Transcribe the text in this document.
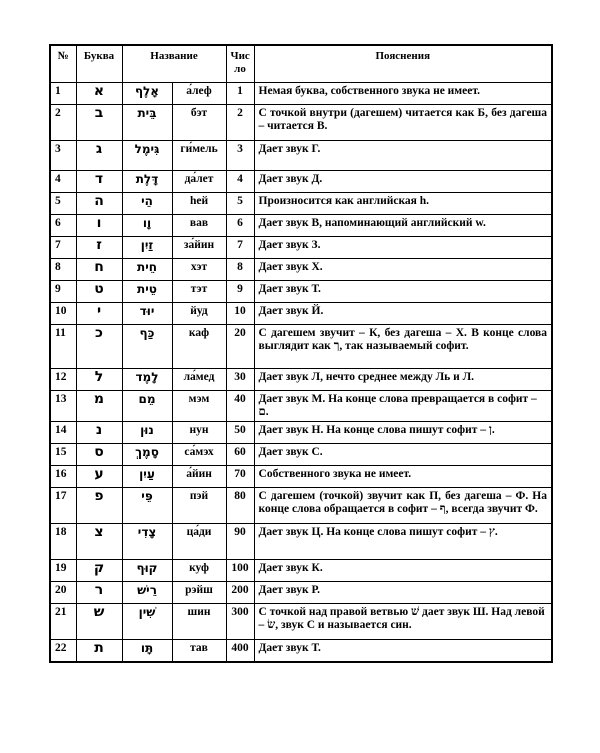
№	Буква	Название		Чис
ло	Пояснения
1	א	אָלֶף	а́леф	1	Немая буква, собственного звука не имеет.
2	ב	בֵּית	бэт	2	С точкой внутри (дагешем) читается как Б, без дагеша – читается В.
3	ג	גִּימֶל	ги́мель	3	Дает звук Г.
4	ד	דָּלֶת	да́лет	4	Дает звук Д.
5	ה	הֵי	hей	5	Произносится как английская h.
6	ו	וָו	вав	6	Дает звук В, напоминающий английский w.
7	ז	זַיִן	за́йин	7	Дает звук З.
8	ח	חֵית	хэт	8	Дает звук Х.
9	ט	טֵית	тэт	9	Дает звук Т.
10	י	יוּד	йуд	10	Дает звук Й.
11	כ	כַּף	каф	20	С дагешем звучит – К, без дагеша – Х. В конце слова выглядит как ך, так называемый софит.
12	ל	לָמֶד	ла́мед	30	Дает звук Л, нечто среднее между Ль и Л.
13	מ	מֵם	мэм	40	Дает звук М. На конце слова превращается в софит – ם.
14	נ	נוּן	нун	50	Дает звук Н. На конце слова пишут софит – ן.
15	ס	סָמֶךְ	са́мэх	60	Дает звук С.
16	ע	עַיִן	а́йин	70	Собственного звука не имеет.
17	פ	פֵּי	пэй	80	С дагешем (точкой) звучит как П, без дагеша – Ф. На конце слова обращается в софит – ף, всегда звучит Ф.
18	צ	צָדִי	ца́ди	90	Дает звук Ц. На конце слова пишут софит – ץ.
19	ק	קוּף	куф	100	Дает звук К.
20	ר	רֵישׁ	рэйш	200	Дает звук Р.
21	ש	שִׁין	шин	300	С точкой над правой ветвью שׁ дает звук Ш. Над левой – שׂ, звук С и называется син.
22	ת	תָּו	тав	400	Дает звук Т.
